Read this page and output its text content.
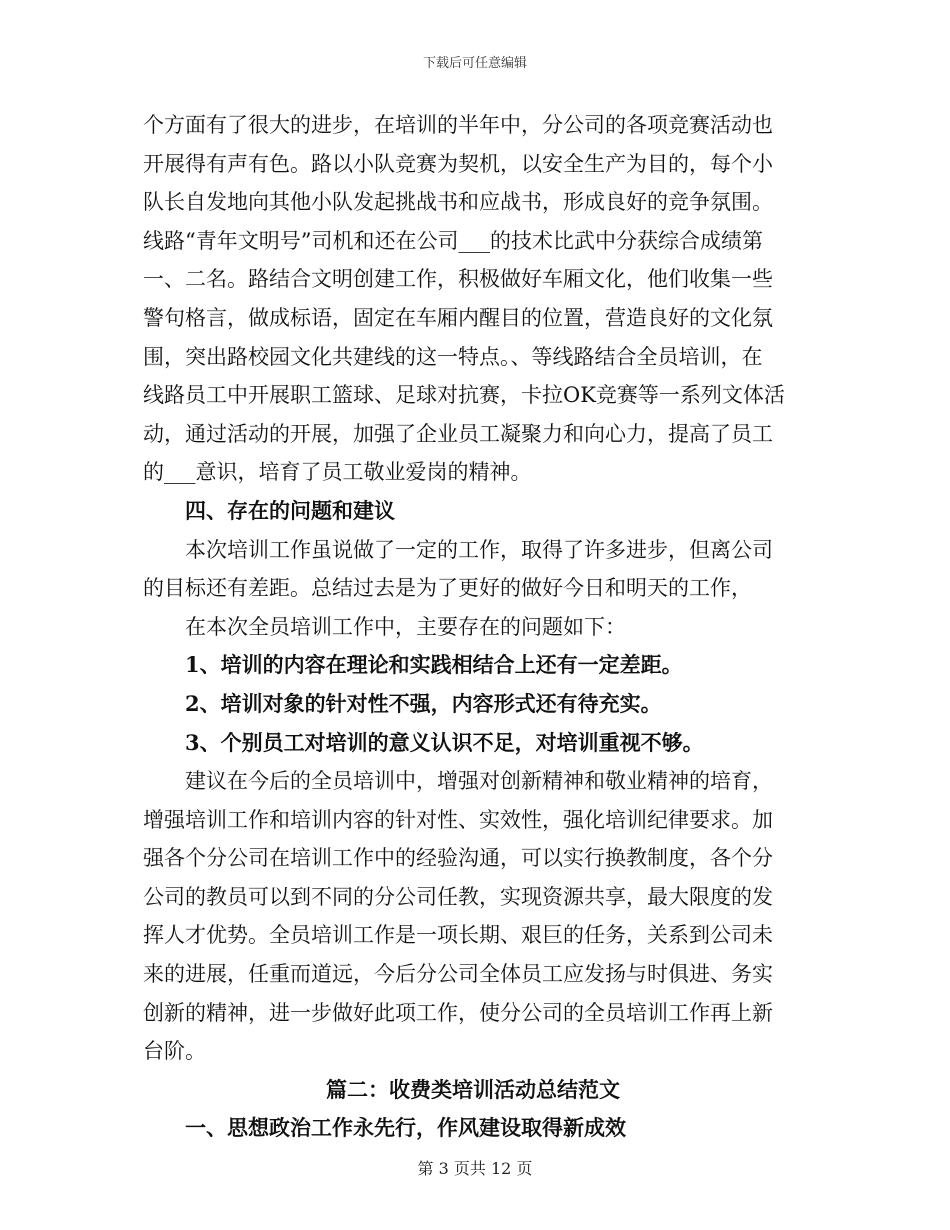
下载后可任意编辑
个方面有了很大的进步，在培训的半年中，分公司的各项竞赛活动也
开展得有声有色。路以小队竞赛为契机，以安全生产为目的，每个小
队长自发地向其他小队发起挑战书和应战书，形成良好的竞争氛围。
线路“青年文明号”司机和还在公司___的技术比武中分获综合成绩第
一、二名。路结合文明创建工作，积极做好车厢文化，他们收集一些
警句格言，做成标语，固定在车厢内醒目的位置，营造良好的文化氛
围，突出路校园文化共建线的这一特点。、等线路结合全员培训，在
线路员工中开展职工篮球、足球对抗赛，卡拉OK竞赛等一系列文体活
动，通过活动的开展，加强了企业员工凝聚力和向心力，提高了员工
的___意识，培育了员工敬业爱岗的精神。
四、存在的问题和建议
本次培训工作虽说做了一定的工作，取得了许多进步，但离公司
的目标还有差距。总结过去是为了更好的做好今日和明天的工作，
在本次全员培训工作中，主要存在的问题如下：
1、培训的内容在理论和实践相结合上还有一定差距。
2、培训对象的针对性不强，内容形式还有待充实。
3、个别员工对培训的意义认识不足，对培训重视不够。
建议在今后的全员培训中，增强对创新精神和敬业精神的培育，
增强培训工作和培训内容的针对性、实效性，强化培训纪律要求。加
强各个分公司在培训工作中的经验沟通，可以实行换教制度，各个分
公司的教员可以到不同的分公司任教，实现资源共享，最大限度的发
挥人才优势。全员培训工作是一项长期、艰巨的任务，关系到公司未
来的进展，任重而道远，今后分公司全体员工应发扬与时俱进、务实
创新的精神，进一步做好此项工作，使分公司的全员培训工作再上新
台阶。
篇二：收费类培训活动总结范文
一、思想政治工作永先行，作风建设取得新成效
第 3 页共 12 页
